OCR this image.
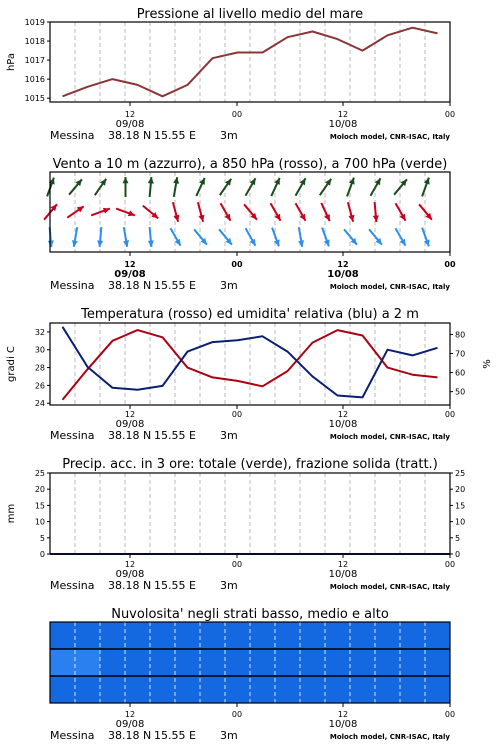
Pressione al livello medio del mare
1015
1016
1017
1018
1019
hPa
12	00	12	00
09/08	10/08
Messina 38.18 N 15.55 E 3m	Moloch model, CNR-ISAC, Italy
Vento a 10 m (azzurro), a 850 hPa (rosso), a 700 hPa (verde)
12	00	12	00
09/08	10/08
Messina 38.18 N 15.55 E 3m	Moloch model, CNR-ISAC, Italy
Temperatura (rosso) ed umidita' relativa (blu) a 2 m
24
26
28
30
32
50
60
70
80
gradi C	%
12	00	12	00
09/08	10/08
Messina 38.18 N 15.55 E 3m	Moloch model, CNR-ISAC, Italy
Precip. acc. in 3 ore: totale (verde), frazione solida (tratt.)
0
5
10
15
20
25
0
5
10
15
20
25
mm
12	00	12	00
09/08	10/08
Messina 38.18 N 15.55 E 3m	Moloch model, CNR-ISAC, Italy
Nuvolosita' negli strati basso, medio e alto
12	00	12	00
09/08	10/08
Messina 38.18 N 15.55 E 3m	Moloch model, CNR-ISAC, Italy
